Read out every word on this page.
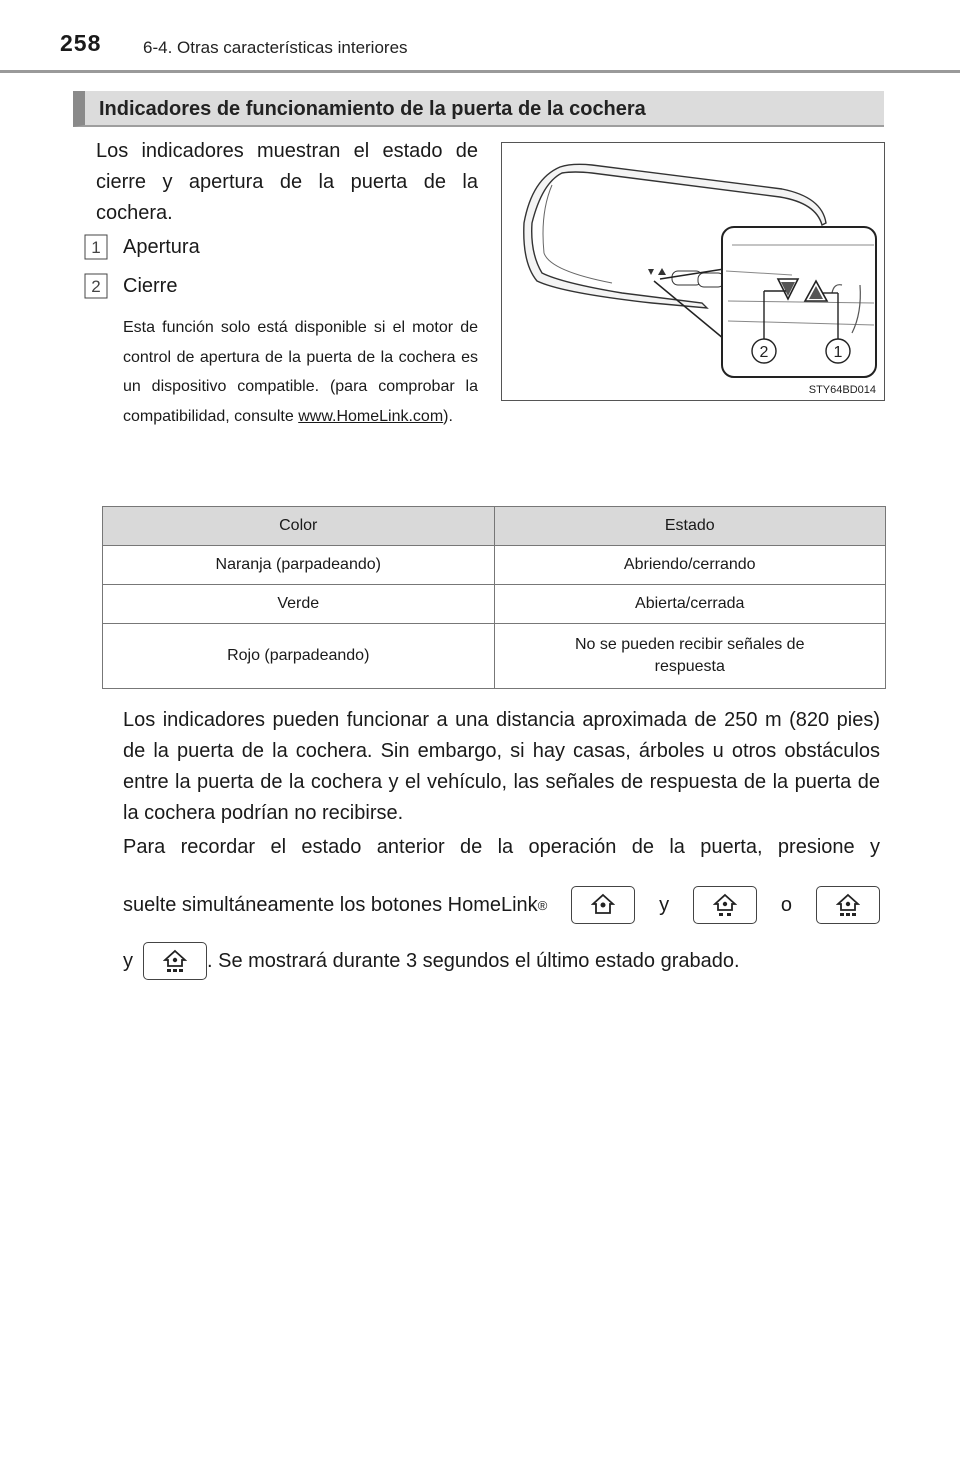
258 6-4. Otras características interiores
Indicadores de funcionamiento de la puerta de la cochera
Los indicadores muestran el estado de cierre y apertura de la puerta de la cochera.
1 Apertura
2 Cierre
Esta función solo está disponible si el motor de control de apertura de la puerta de la cochera es un dispositivo compatible. (para comprobar la compatibilidad, consulte www.HomeLink.com).
2	1
STY64BD014
Color	Estado
Naranja (parpadeando)	Abriendo/cerrando
Verde	Abierta/cerrada
Rojo (parpadeando)	No se pueden recibir señales de respuesta
Los indicadores pueden funcionar a una distancia aproximada de 250 m (820 pies) de la puerta de la cochera. Sin embargo, si hay casas, árboles u otros obstáculos entre la puerta de la cochera y el vehículo, las señales de respuesta de la puerta de la cochera podrían no recibirse.
Para recordar el estado anterior de la operación de la puerta, presione y
suelte simultáneamente los botones HomeLink ®	y	o
y	. Se mostrará durante 3 segundos el último estado grabado.
